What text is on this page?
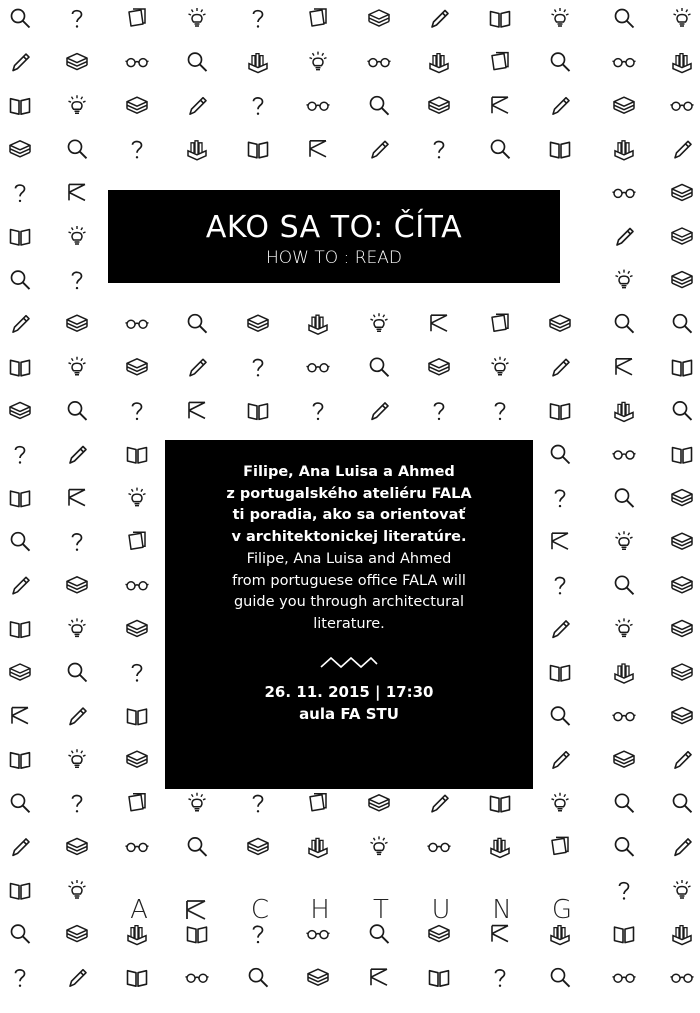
AKO SA TO: ČÍTA
HOW TO : READ
Filipe, Ana Luisa a Ahmed
z portugalského ateliéru FALA
ti poradia, ako sa orientovať
v architektonickej literatúre.
Filipe, Ana Luisa and Ahmed
from portuguese office FALA will
guide you through architectural
literature.
26. 11. 2015 | 17:30
aula FA STU
A	C H T U N G
